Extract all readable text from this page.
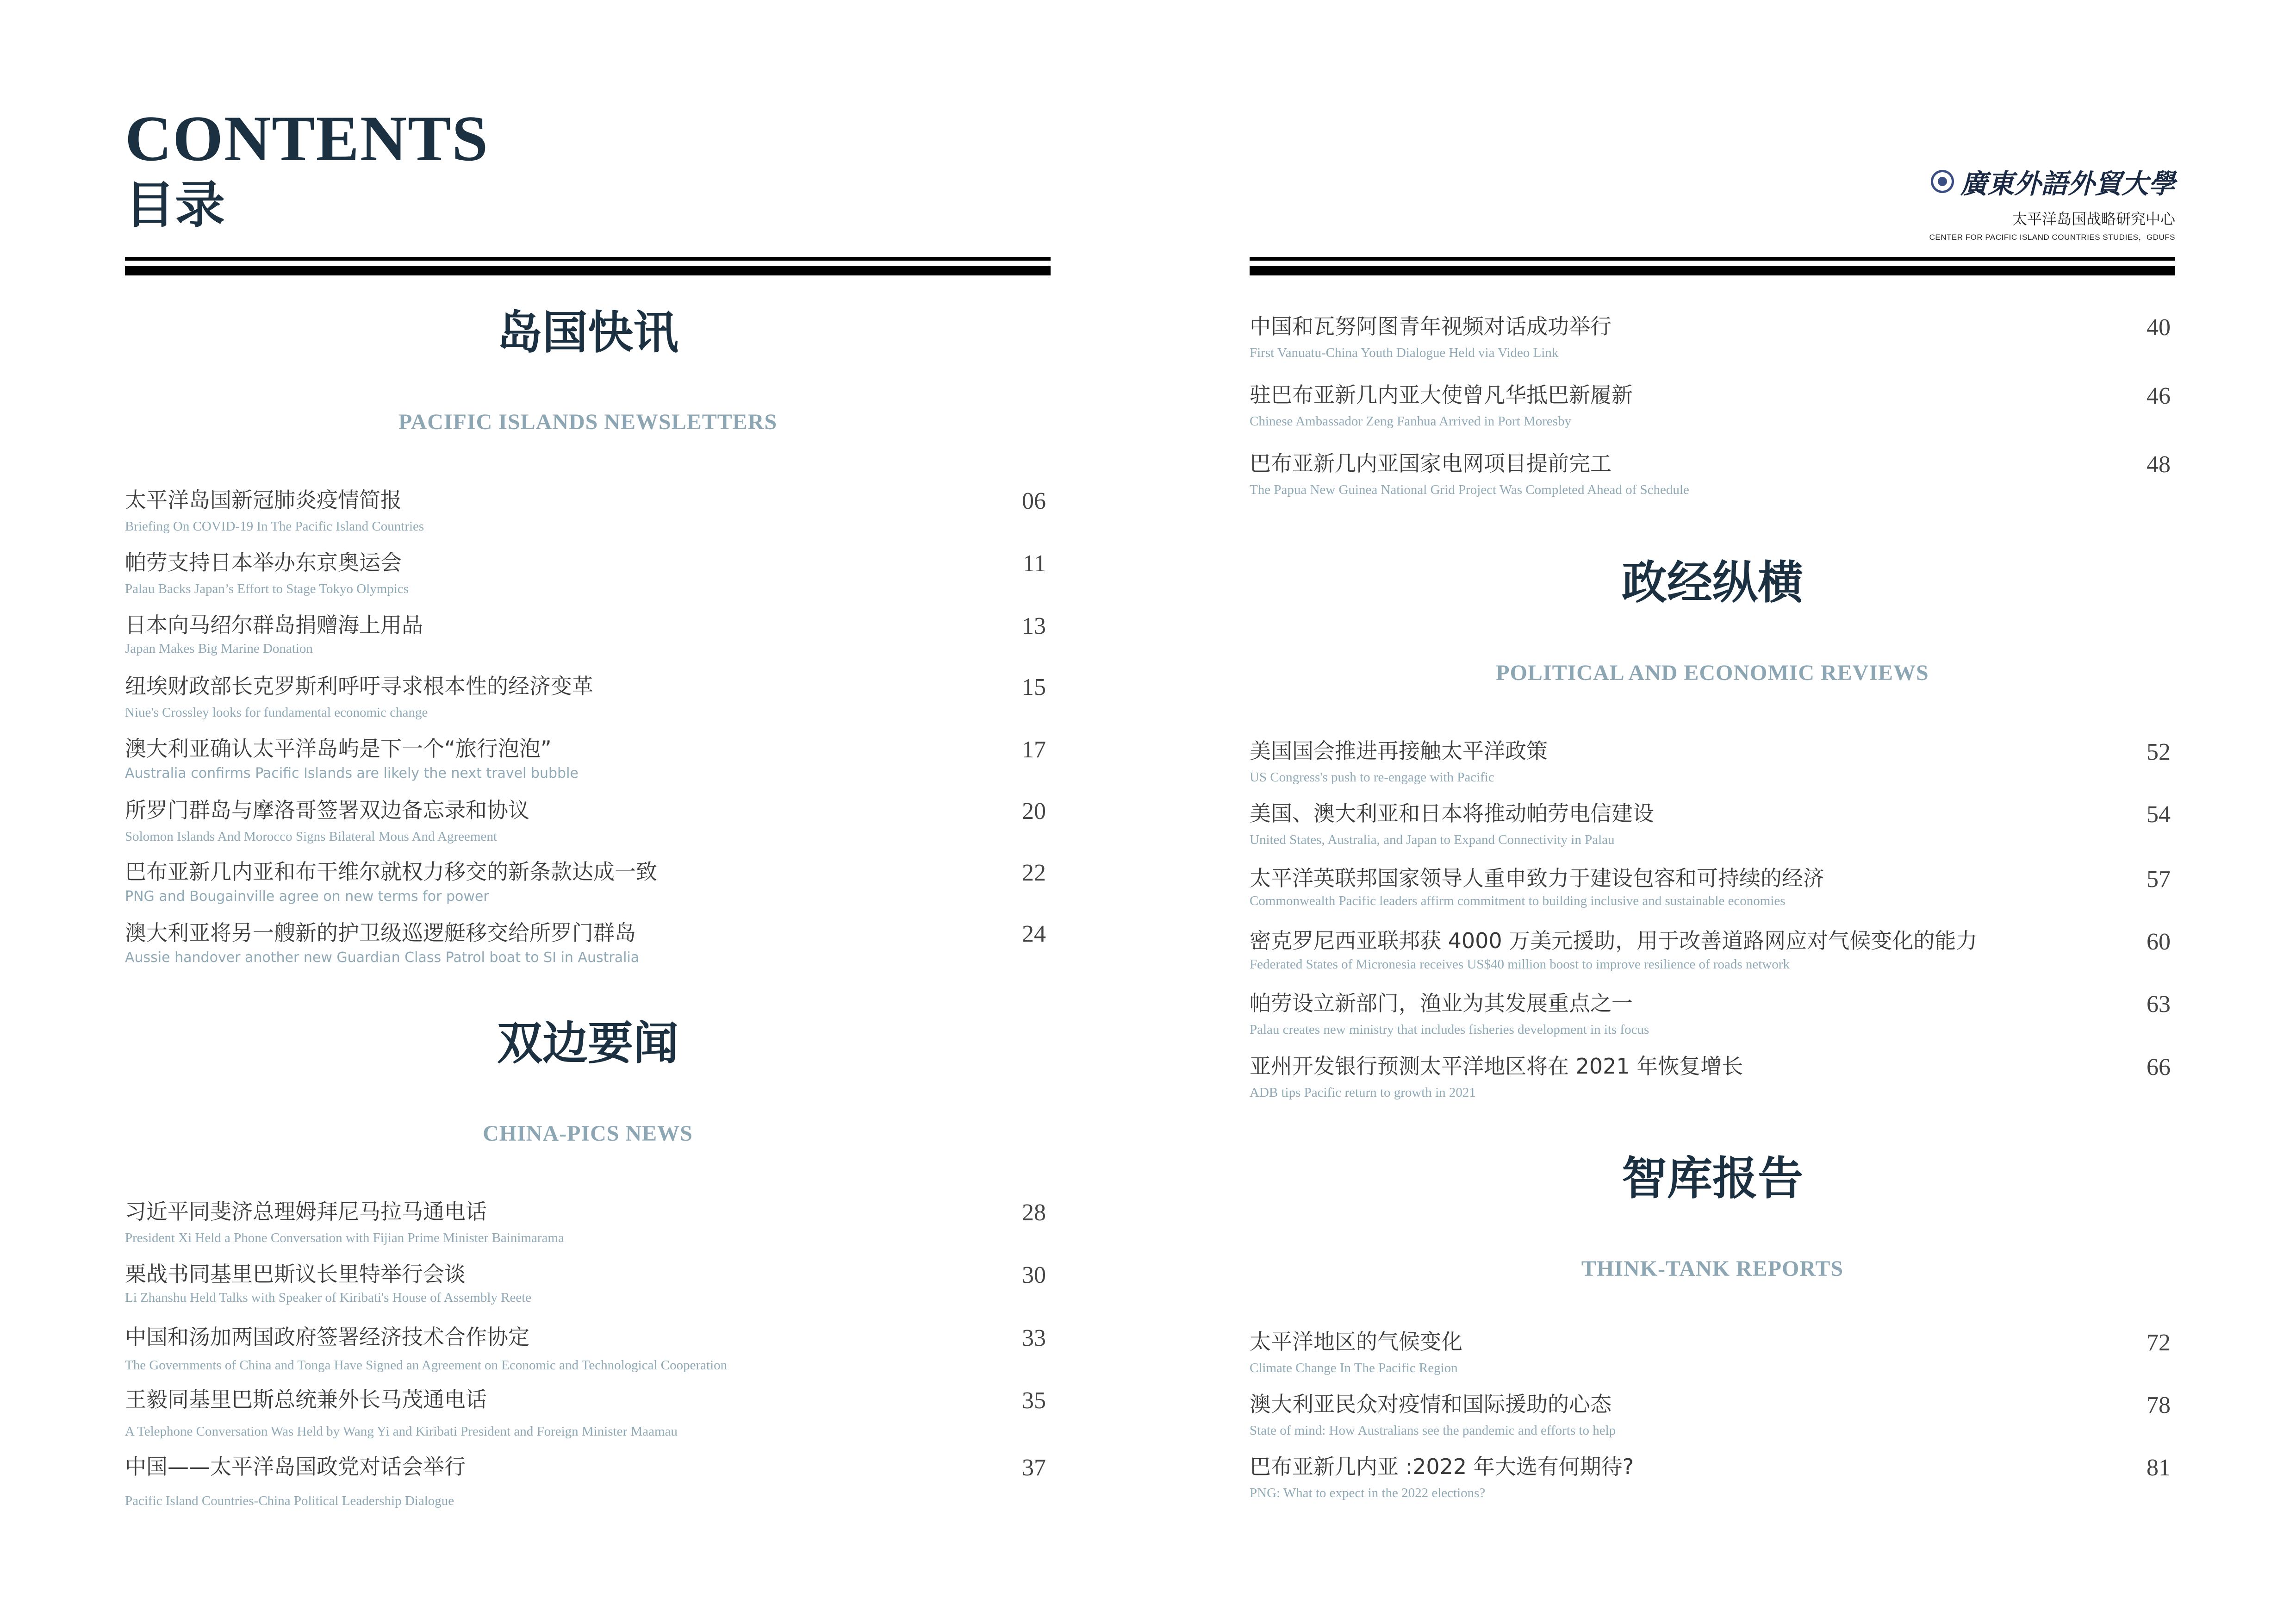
CONTENTS
目录
岛国快讯
PACIFIC ISLANDS NEWSLETTERS
太平洋岛国新冠肺炎疫情简报
Briefing On COVID-19 In The Pacific Island Countries
06
帕劳支持日本举办东京奥运会
Palau Backs Japan’s Effort to Stage Tokyo Olympics
11
日本向马绍尔群岛捐赠海上用品
Japan Makes Big Marine Donation
13
纽埃财政部长克罗斯利呼吁寻求根本性的经济变革
Niue's Crossley looks for fundamental economic change
15
澳大利亚确认太平洋岛屿是下一个“旅行泡泡”
Australia confirms Pacific Islands are likely the next travel bubble
17
所罗门群岛与摩洛哥签署双边备忘录和协议
Solomon Islands And Morocco Signs Bilateral Mous And Agreement
20
巴布亚新几内亚和布干维尔就权力移交的新条款达成一致
PNG and Bougainville agree on new terms for power
22
澳大利亚将另一艘新的护卫级巡逻艇移交给所罗门群岛
Aussie handover another new Guardian Class Patrol boat to SI in Australia
24
双边要闻
CHINA-PICS NEWS
习近平同斐济总理姆拜尼马拉马通电话
President Xi Held a Phone Conversation with Fijian Prime Minister Bainimarama
28
栗战书同基里巴斯议长里特举行会谈
Li Zhanshu Held Talks with Speaker of Kiribati's House of Assembly Reete
30
中国和汤加两国政府签署经济技术合作协定
The Governments of China and Tonga Have Signed an Agreement on Economic and Technological Cooperation
33
王毅同基里巴斯总统兼外长马茂通电话
A Telephone Conversation Was Held by Wang Yi and Kiribati President and Foreign Minister Maamau
35
中国——太平洋岛国政党对话会举行
Pacific Island Countries-China Political Leadership Dialogue
37
廣東外語外貿大學
太平洋岛国战略研究中心
CENTER FOR PACIFIC ISLAND COUNTRIES STUDIES，GDUFS
中国和瓦努阿图青年视频对话成功举行
First Vanuatu-China Youth Dialogue Held via Video Link
40
驻巴布亚新几内亚大使曾凡华抵巴新履新
Chinese Ambassador Zeng Fanhua Arrived in Port Moresby
46
巴布亚新几内亚国家电网项目提前完工
The Papua New Guinea National Grid Project Was Completed Ahead of Schedule
48
政经纵横
POLITICAL AND ECONOMIC REVIEWS
美国国会推进再接触太平洋政策
US Congress's push to re-engage with Pacific
52
美国、澳大利亚和日本将推动帕劳电信建设
United States, Australia, and Japan to Expand Connectivity in Palau
54
太平洋英联邦国家领导人重申致力于建设包容和可持续的经济
Commonwealth Pacific leaders affirm commitment to building inclusive and sustainable economies
57
密克罗尼西亚联邦获 4000 万美元援助，用于改善道路网应对气候变化的能力
Federated States of Micronesia receives US$40 million boost to improve resilience of roads network
60
帕劳设立新部门，渔业为其发展重点之一
Palau creates new ministry that includes fisheries development in its focus
63
亚州开发银行预测太平洋地区将在 2021 年恢复增长
ADB tips Pacific return to growth in 2021
66
智库报告
THINK-TANK REPORTS
太平洋地区的气候变化
Climate Change In The Pacific Region
72
澳大利亚民众对疫情和国际援助的心态
State of mind: How Australians see the pandemic and efforts to help
78
巴布亚新几内亚 :2022 年大选有何期待?
PNG: What to expect in the 2022 elections?
81
